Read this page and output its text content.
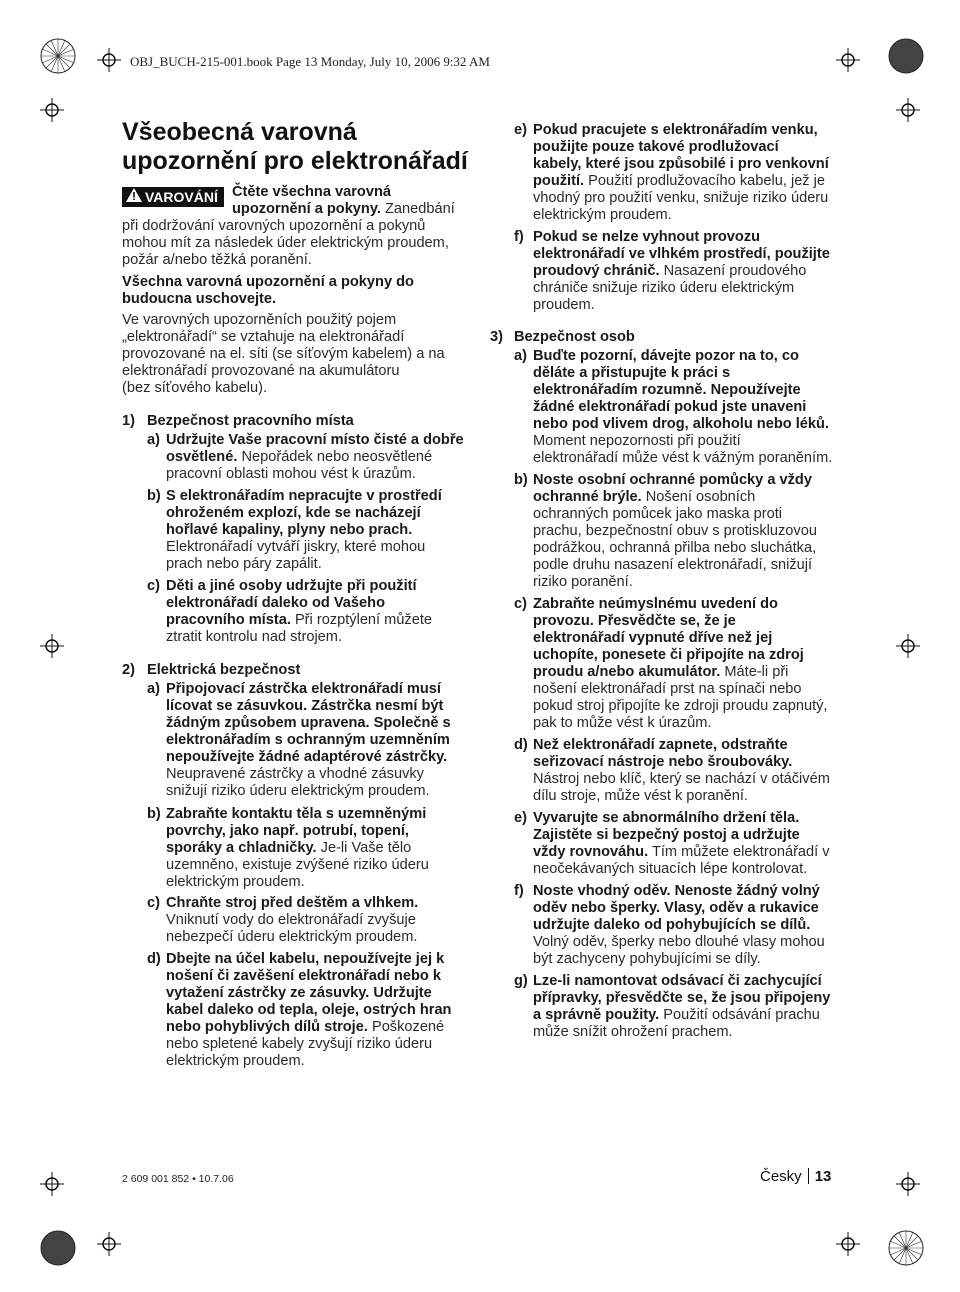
OBJ_BUCH-215-001.book Page 13 Monday, July 10, 2006 9:32 AM
Všeobecná varovná
upozornění pro elektronářadí
VAROVÁNÍ Čtěte všechna varovná
upozornění a pokyny. Zanedbání
při dodržování varovných upozornění a pokynů
mohou mít za následek úder elektrickým proudem,
požár a/nebo těžká poranění.
Všechna varovná upozornění a pokyny do
budoucna uschovejte.
Ve varovných upozorněních použitý pojem
„elektronářadí“ se vztahuje na elektronářadí
provozované na el. síti (se síťovým kabelem) a na
elektronářadí provozované na akumulátoru
(bez síťového kabelu).
1) Bezpečnost pracovního místa
a) Udržujte Vaše pracovní místo čisté a dobře
osvětlené. Nepořádek nebo neosvětlené
pracovní oblasti mohou vést k úrazům.
b) S elektronářadím nepracujte v prostředí
ohroženém explozí, kde se nacházejí
hořlavé kapaliny, plyny nebo prach.
Elektronářadí vytváří jiskry, které mohou
prach nebo páry zapálit.
c) Děti a jiné osoby udržujte při použití
elektronářadí daleko od Vašeho
pracovního místa. Při rozptýlení můžete
ztratit kontrolu nad strojem.
2) Elektrická bezpečnost
a) Připojovací zástrčka elektronářadí musí
lícovat se zásuvkou. Zástrčka nesmí být
žádným způsobem upravena. Společně s
elektronářadím s ochranným uzemněním
nepoužívejte žádné adaptérové zástrčky.
Neupravené zástrčky a vhodné zásuvky
snižují riziko úderu elektrickým proudem.
b) Zabraňte kontaktu těla s uzemněnými
povrchy, jako např. potrubí, topení,
sporáky a chladničky. Je-li Vaše tělo
uzemněno, existuje zvýšené riziko úderu
elektrickým proudem.
c) Chraňte stroj před deštěm a vlhkem.
Vniknutí vody do elektronářadí zvyšuje
nebezpečí úderu elektrickým proudem.
d) Dbejte na účel kabelu, nepoužívejte jej k
nošení či zavěšení elektronářadí nebo k
vytažení zástrčky ze zásuvky. Udržujte
kabel daleko od tepla, oleje, ostrých hran
nebo pohyblivých dílů stroje. Poškozené
nebo spletené kabely zvyšují riziko úderu
elektrickým proudem.
e) Pokud pracujete s elektronářadím venku,
použijte pouze takové prodlužovací
kabely, které jsou způsobilé i pro venkovní
použití. Použití prodlužovacího kabelu, jež je
vhodný pro použití venku, snižuje riziko úderu
elektrickým proudem.
f) Pokud se nelze vyhnout provozu
elektronářadí ve vlhkém prostředí, použijte
proudový chránič. Nasazení proudového
chrániče snižuje riziko úderu elektrickým
proudem.
3) Bezpečnost osob
a) Buďte pozorní, dávejte pozor na to, co
děláte a přistupujte k práci s
elektronářadím rozumně. Nepoužívejte
žádné elektronářadí pokud jste unaveni
nebo pod vlivem drog, alkoholu nebo léků.
Moment nepozornosti při použití
elektronářadí může vést k vážným poraněním.
b) Noste osobní ochranné pomůcky a vždy
ochranné brýle. Nošení osobních
ochranných pomůcek jako maska proti
prachu, bezpečnostní obuv s protiskluzovou
podrážkou, ochranná přilba nebo sluchátka,
podle druhu nasazení elektronářadí, snižují
riziko poranění.
c) Zabraňte neúmyslnému uvedení do
provozu. Přesvědčte se, že je
elektronářadí vypnuté dříve než jej
uchopíte, ponesete či připojíte na zdroj
proudu a/nebo akumulátor. Máte-li při
nošení elektronářadí prst na spínači nebo
pokud stroj připojíte ke zdroji proudu zapnutý,
pak to může vést k úrazům.
d) Než elektronářadí zapnete, odstraňte
seřizovací nástroje nebo šroubováky.
Nástroj nebo klíč, který se nachází v otáčivém
dílu stroje, může vést k poranění.
e) Vyvarujte se abnormálního držení těla.
Zajistěte si bezpečný postoj a udržujte
vždy rovnováhu. Tím můžete elektronářadí v
neočekávaných situacích lépe kontrolovat.
f) Noste vhodný oděv. Nenoste žádný volný
oděv nebo šperky. Vlasy, oděv a rukavice
udržujte daleko od pohybujících se dílů.
Volný oděv, šperky nebo dlouhé vlasy mohou
být zachyceny pohybujícími se díly.
g) Lze-li namontovat odsávací či zachycující
přípravky, přesvědčte se, že jsou připojeny
a správně použity. Použití odsávání prachu
může snížit ohrožení prachem.
2 609 001 852 • 10.7.06	Česky 13
